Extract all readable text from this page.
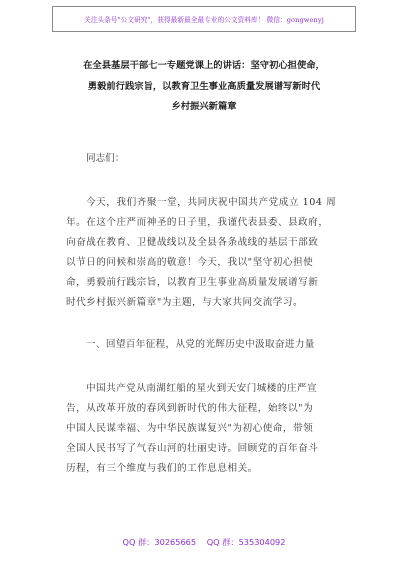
关注头条号"公文研究"，获得最新最全最专业的公文资料库！ 微信：gongwenyj
在全县基层干部七一专题党课上的讲话：坚守初心担使命，
勇毅前行践宗旨，以教育卫生事业高质量发展谱写新时代
乡村振兴新篇章
同志们：
今天，我们齐聚一堂，共同庆祝中国共产党成立 104 周
年。在这个庄严而神圣的日子里，我谨代表县委、县政府，
向奋战在教育、卫健战线以及全县各条战线的基层干部致
以节日的问候和崇高的敬意！今天，我以"坚守初心担使
命，勇毅前行践宗旨，以教育卫生事业高质量发展谱写新
时代乡村振兴新篇章"为主题，与大家共同交流学习。
一、回望百年征程，从党的光辉历史中汲取奋进力量
中国共产党从南湖红船的星火到天安门城楼的庄严宣
告，从改革开放的春风到新时代的伟大征程，始终以"为
中国人民谋幸福、为中华民族谋复兴"为初心使命，带领
全国人民书写了气吞山河的壮丽史诗。回顾党的百年奋斗
历程，有三个维度与我们的工作息息相关。
QQ 群：30265665 QQ 群：535304092
